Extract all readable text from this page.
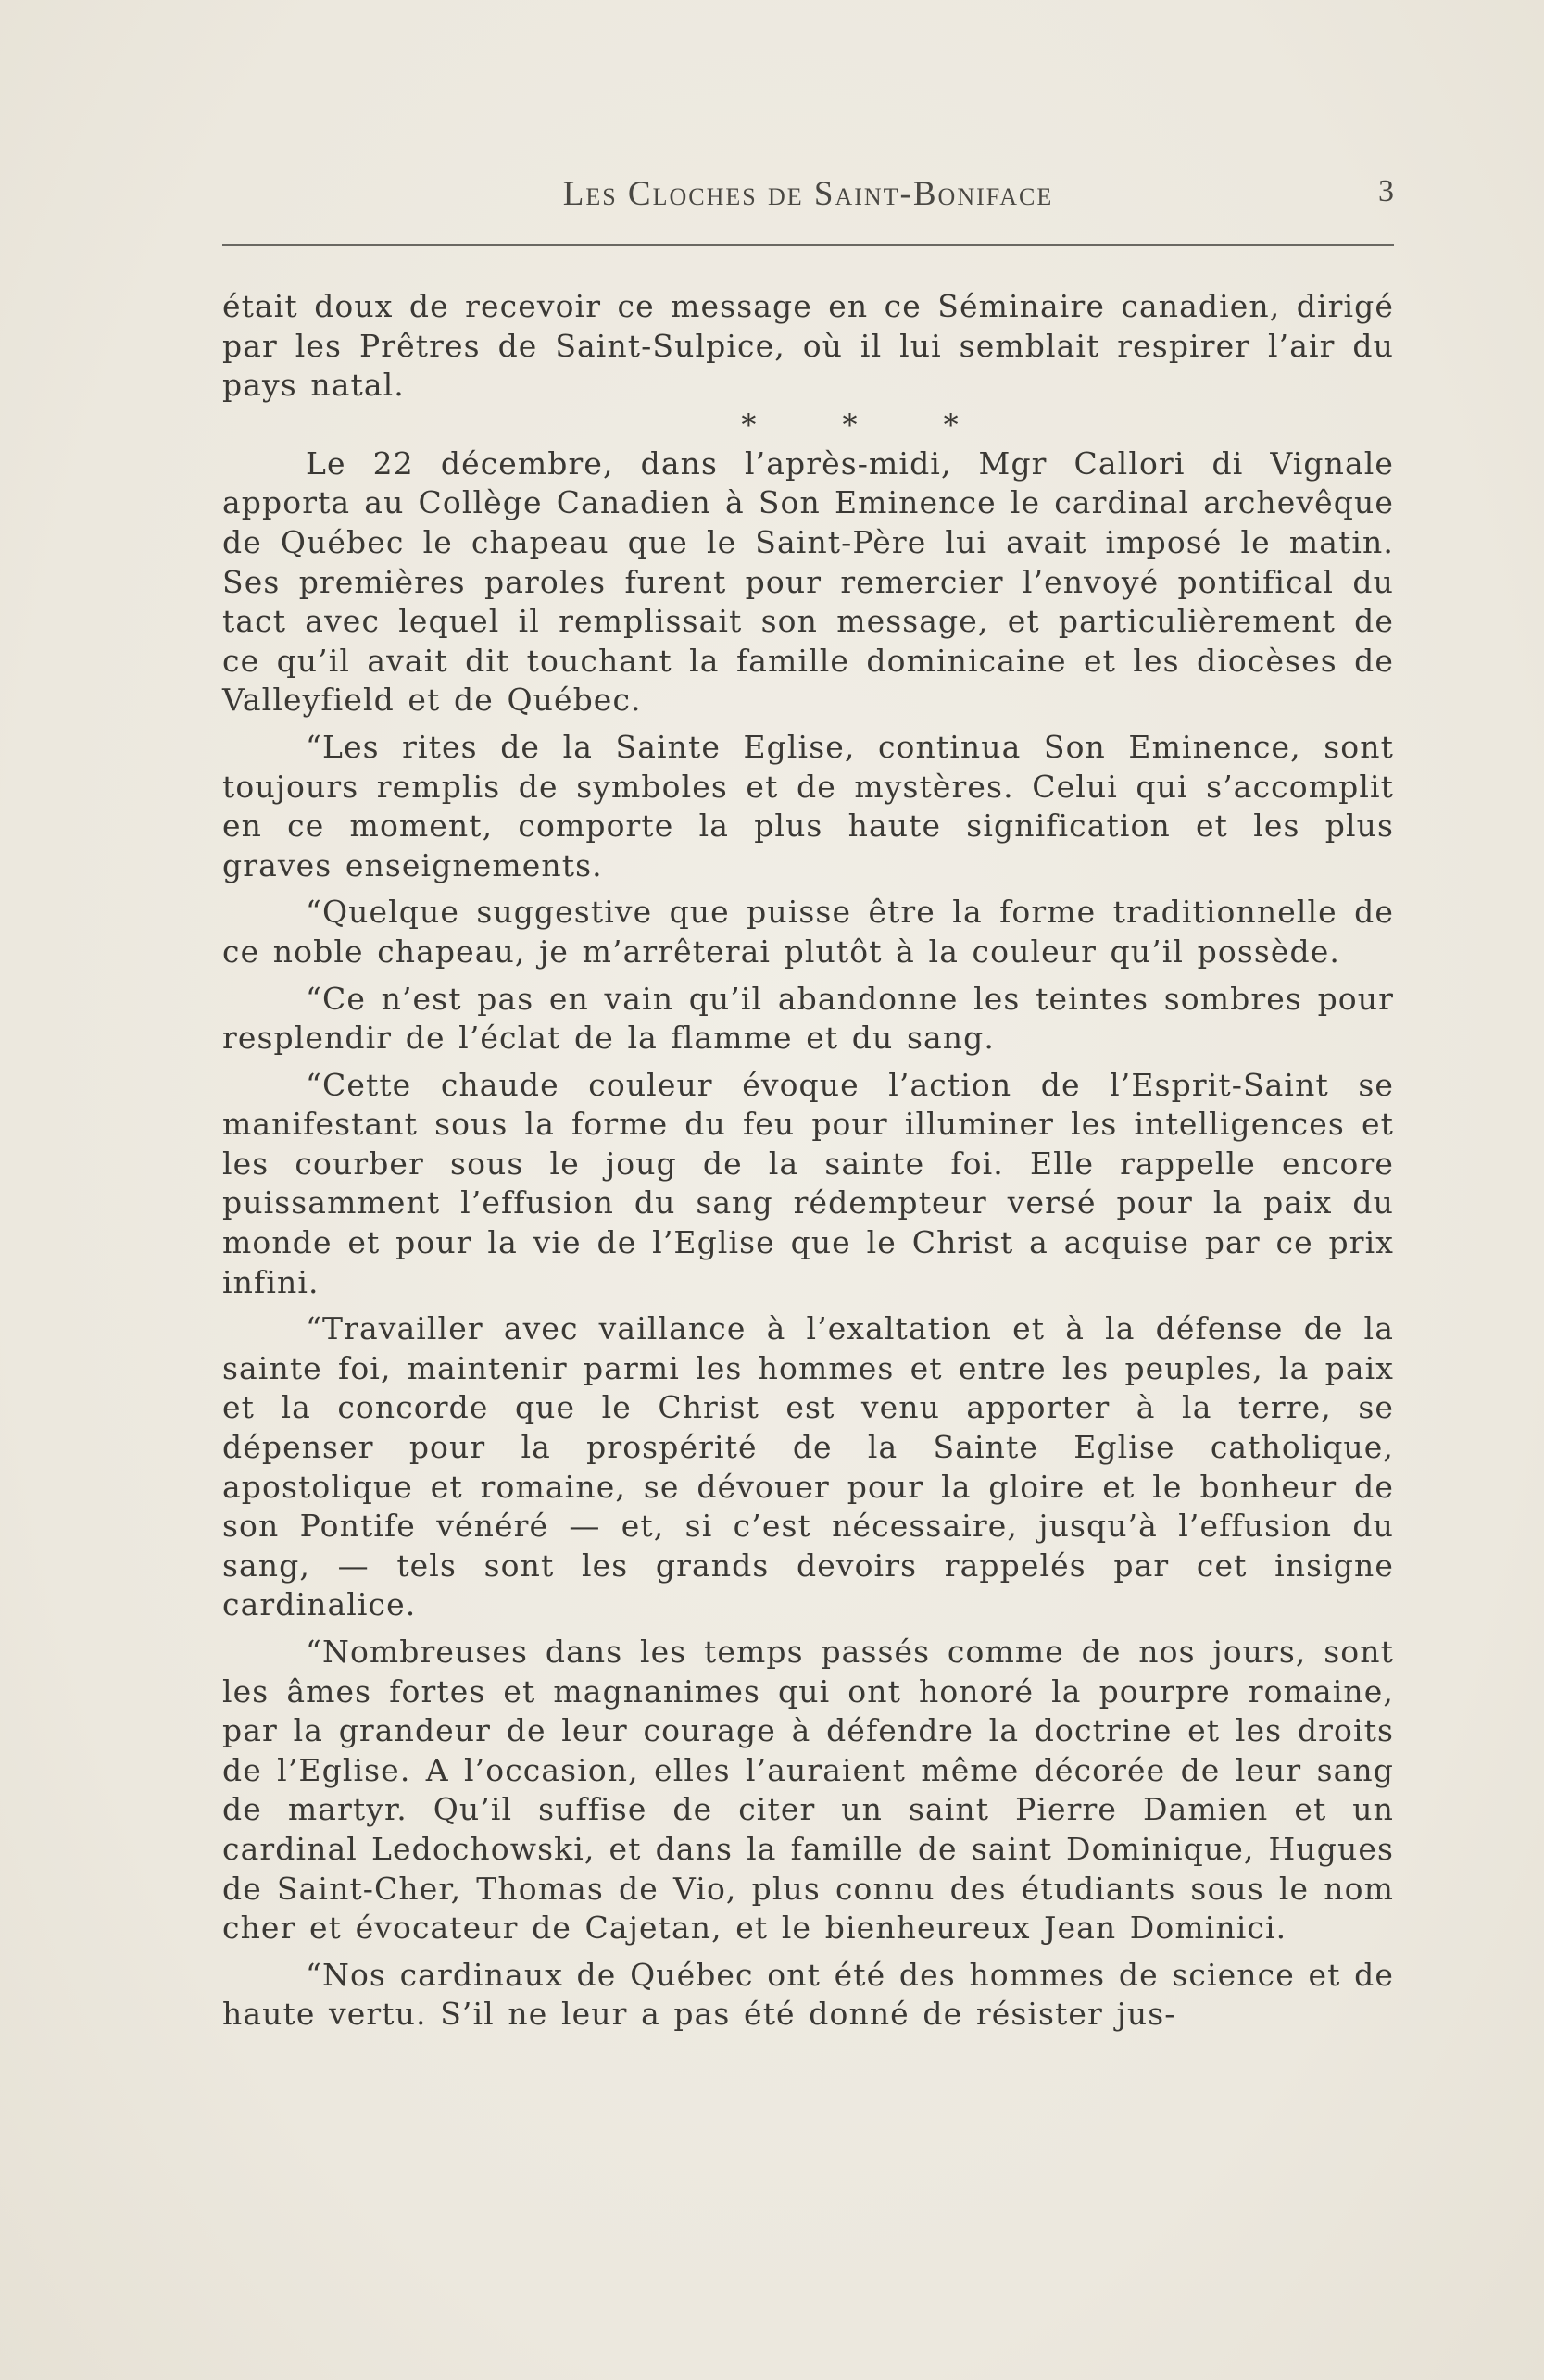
Les Cloches de Saint-Boniface	3

était doux de recevoir ce message en ce Séminaire canadien, dirigé par les Prêtres de Saint-Sulpice, où il lui semblait respirer l’air du pays natal.

* * *

Le 22 décembre, dans l’après-midi, Mgr Callori di Vignale apporta au Collège Canadien à Son Eminence le cardinal archevêque de Québec le chapeau que le Saint-Père lui avait imposé le matin. Ses premières paroles furent pour remercier l’envoyé pontifical du tact avec lequel il remplissait son message, et particulièrement de ce qu’il avait dit touchant la famille dominicaine et les diocèses de Valleyfield et de Québec.

“Les rites de la Sainte Eglise, continua Son Eminence, sont toujours remplis de symboles et de mystères. Celui qui s’accomplit en ce moment, comporte la plus haute signification et les plus graves enseignements.

“Quelque suggestive que puisse être la forme traditionnelle de ce noble chapeau, je m’arrêterai plutôt à la couleur qu’il possède.

“Ce n’est pas en vain qu’il abandonne les teintes sombres pour resplendir de l’éclat de la flamme et du sang.

“Cette chaude couleur évoque l’action de l’Esprit-Saint se manifestant sous la forme du feu pour illuminer les intelligences et les courber sous le joug de la sainte foi. Elle rappelle encore puissamment l’effusion du sang rédempteur versé pour la paix du monde et pour la vie de l’Eglise que le Christ a acquise par ce prix infini.

“Travailler avec vaillance à l’exaltation et à la défense de la sainte foi, maintenir parmi les hommes et entre les peuples, la paix et la concorde que le Christ est venu apporter à la terre, se dépenser pour la prospérité de la Sainte Eglise catholique, apostolique et romaine, se dévouer pour la gloire et le bonheur de son Pontife vénéré — et, si c’est nécessaire, jusqu’à l’effusion du sang, — tels sont les grands devoirs rappelés par cet insigne cardinalice.

“Nombreuses dans les temps passés comme de nos jours, sont les âmes fortes et magnanimes qui ont honoré la pourpre romaine, par la grandeur de leur courage à défendre la doctrine et les droits de l’Eglise. A l’occasion, elles l’auraient même décorée de leur sang de martyr. Qu’il suffise de citer un saint Pierre Damien et un cardinal Ledochowski, et dans la famille de saint Dominique, Hugues de Saint-Cher, Thomas de Vio, plus connu des étudiants sous le nom cher et évocateur de Cajetan, et le bienheureux Jean Dominici.

“Nos cardinaux de Québec ont été des hommes de science et de haute vertu. S’il ne leur a pas été donné de résister jus-
